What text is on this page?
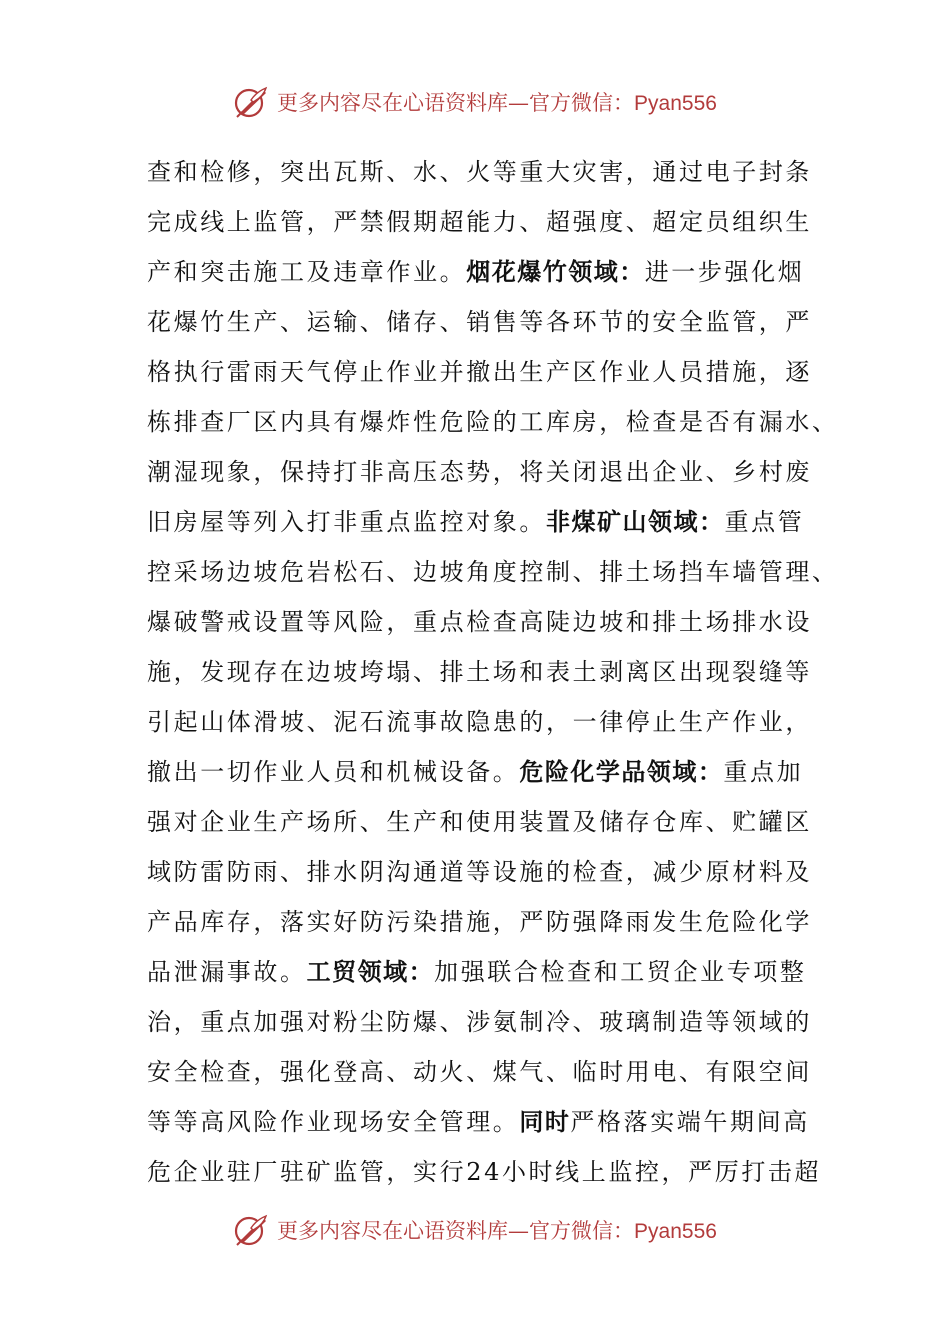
更多内容尽在心语资料库—官方微信：Pyan556
查和检修，突出瓦斯、水、火等重大灾害，通过电子封条
完成线上监管，严禁假期超能力、超强度、超定员组织生
产和突击施工及违章作业。烟花爆竹领域：进一步强化烟
花爆竹生产、运输、储存、销售等各环节的安全监管，严
格执行雷雨天气停止作业并撤出生产区作业人员措施，逐
栋排查厂区内具有爆炸性危险的工库房，检查是否有漏水、
潮湿现象，保持打非高压态势，将关闭退出企业、乡村废
旧房屋等列入打非重点监控对象。非煤矿山领域：重点管
控采场边坡危岩松石、边坡角度控制、排土场挡车墙管理、
爆破警戒设置等风险，重点检查高陡边坡和排土场排水设
施，发现存在边坡垮塌、排土场和表土剥离区出现裂缝等
引起山体滑坡、泥石流事故隐患的，一律停止生产作业，
撤出一切作业人员和机械设备。危险化学品领域：重点加
强对企业生产场所、生产和使用装置及储存仓库、贮罐区
域防雷防雨、排水阴沟通道等设施的检查，减少原材料及
产品库存，落实好防污染措施，严防强降雨发生危险化学
品泄漏事故。工贸领域：加强联合检查和工贸企业专项整
治，重点加强对粉尘防爆、涉氨制冷、玻璃制造等领域的
安全检查，强化登高、动火、煤气、临时用电、有限空间
等等高风险作业现场安全管理。同时严格落实端午期间高
危企业驻厂驻矿监管，实行24小时线上监控，严厉打击超
更多内容尽在心语资料库—官方微信：Pyan556
